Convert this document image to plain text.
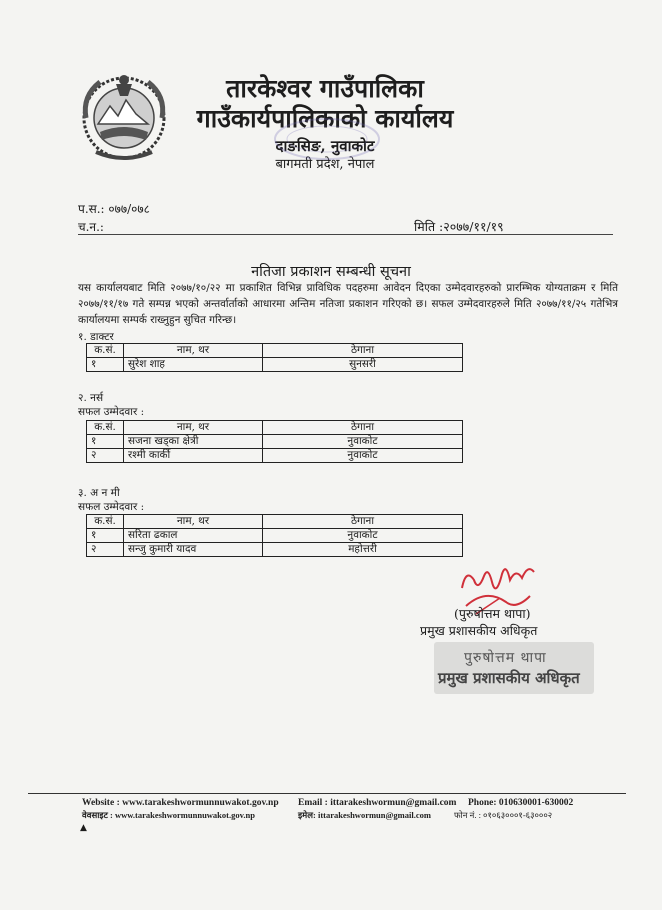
तारकेश्वर गाउँपालिका
गाउँकार्यपालिकाको कार्यालय
दाङसिङ, नुवाकोट
बागमती प्रदेश, नेपाल
प.स.: ०७७/०७८
च.न.:	मिति :२०७७/११/१९
नतिजा प्रकाशन सम्बन्धी सूचना
यस कार्यालयबाट मिति २०७७/१०/२२ मा प्रकाशित विभिन्न प्राविधिक पदहरुमा आवेदन दिएका उम्मेदवारहरुको प्रारम्भिक योग्यताक्रम र मिति २०७७/११/१७ गते सम्पन्न भएको अन्तर्वार्ताको आधारमा अन्तिम नतिजा प्रकाशन गरिएको छ। सफल उम्मेदवारहरुले मिति २०७७/११/२५ गतेभित्र कार्यालयमा सम्पर्क राख्नुहुन सुचित गरिन्छ।
१. डाक्टर
क.सं.	नाम, थर	ठेगाना
१	सुरेश शाह	सुनसरी
२. नर्स
सफल उम्मेदवार :
क.सं.	नाम, थर	ठेगाना
१	सजना खड्का क्षेत्री	नुवाकोट
२	रश्मी कार्की	नुवाकोट
३. अ न मी
सफल उम्मेदवार :
क.सं.	नाम, थर	ठेगाना
१	सरिता ढकाल	नुवाकोट
२	सन्जु कुमारी यादव	महोत्तरी
(पुरुषोत्तम थापा)
प्रमुख प्रशासकीय अधिकृत
पुरुषोत्तम थापा
प्रमुख प्रशासकीय अधिकृत
Website : www.tarakeshwormunnuwakot.gov.np Email : ittarakeshwormun@gmail.com Phone: 010630001-630002
वेवसाइट : www.tarakeshwormunnuwakot.gov.np	इमेल: ittarakeshwormun@gmail.com	फोन नं. : ०१०६३०००१-६३०००२
▲
